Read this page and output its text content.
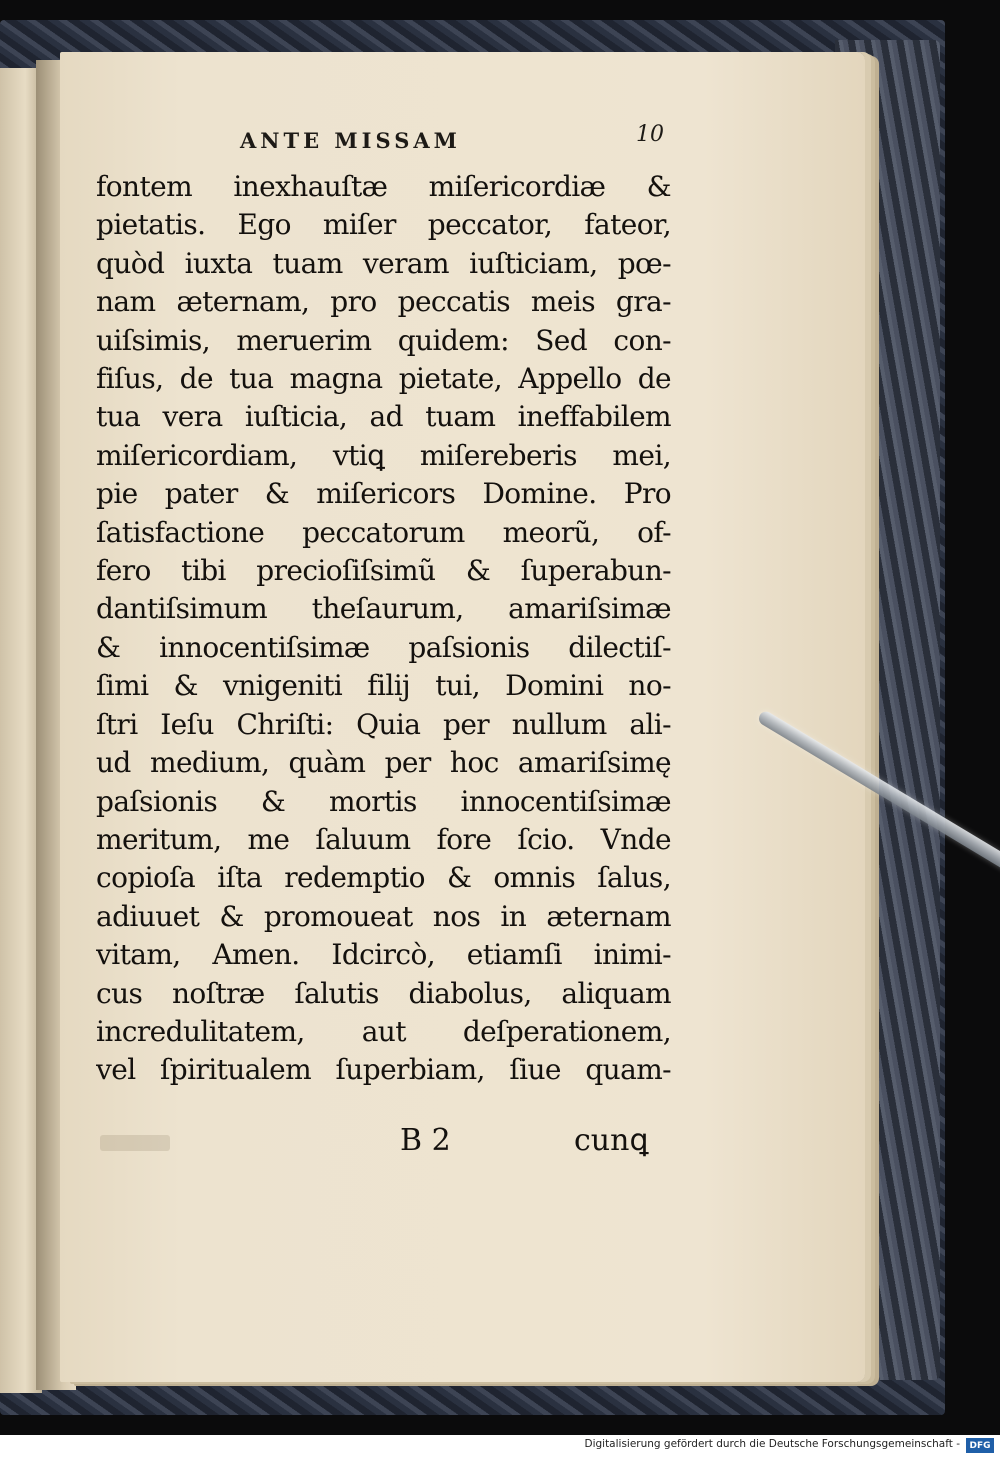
ANTE MISSAM	10
fontem inexhauſtæ miſericordiæ &
pietatis. Ego miſer peccator, fateor,
quòd iuxta tuam veram iuſticiam, pœ-
nam æternam, pro peccatis meis gra-
uiſsimis, meruerim quidem: Sed con-
fiſus, de tua magna pietate, Appello de
tua vera iuſticia, ad tuam ineffabilem
miſericordiam, vtiꝗ miſereberis mei,
pie pater & miſericors Domine. Pro
ſatisfactione peccatorum meorũ, of-
fero tibi precioſiſsimũ & ſuperabun-
dantiſsimum theſaurum, amariſsimæ
& innocentiſsimæ paſsionis dilectiſ-
ſimi & vnigeniti filij tui, Domini no-
ſtri Ieſu Chriſti: Quia per nullum ali-
ud medium, quàm per hoc amariſsimę
paſsionis & mortis innocentiſsimæ
meritum, me ſaluum fore ſcio. Vnde
copioſa iſta redemptio & omnis ſalus,
adiuuet & promoueat nos in æternam
vitam, Amen. Idcircò, etiamſi inimi-
cus noſtræ ſalutis diabolus, aliquam
incredulitatem, aut deſperationem,
vel ſpiritualem ſuperbiam, ſiue quam-
B 2	cunꝗ
Digitalisierung gefördert durch die Deutsche Forschungsgemeinschaft -	DFG
